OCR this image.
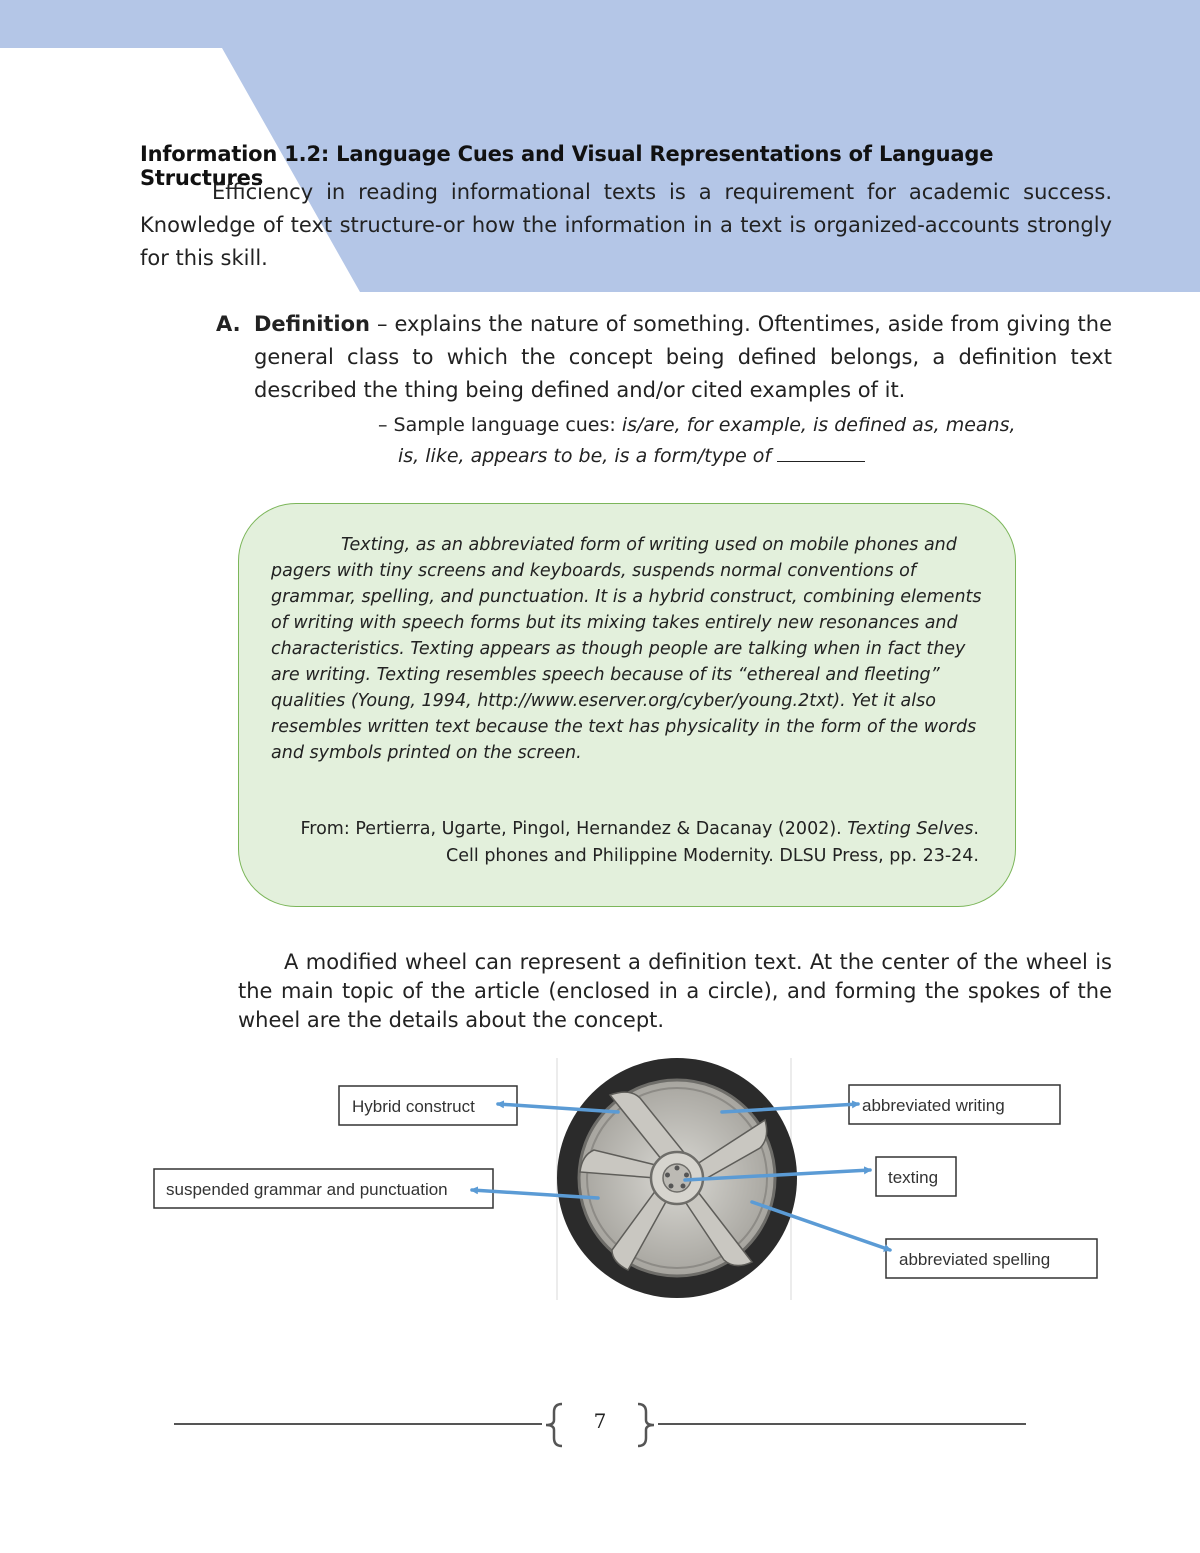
Information 1.2: Language Cues and Visual Representations of Language Structures
Efficiency in reading informational texts is a requirement for academic success. Knowledge of text structure-or how the information in a text is organized-accounts strongly for this skill.
A. Definition – explains the nature of something. Oftentimes, aside from giving the general class to which the concept being defined belongs, a definition text described the thing being defined and/or cited examples of it.
– Sample language cues: is/are, for example, is defined as, means,
is, like, appears to be, is a form/type of
Texting, as an abbreviated form of writing used on mobile phones and pagers with tiny screens and keyboards, suspends normal conventions of grammar, spelling, and punctuation. It is a hybrid construct, combining elements of writing with speech forms but its mixing takes entirely new resonances and characteristics. Texting appears as though people are talking when in fact they are writing. Texting resembles speech because of its “ethereal and fleeting” qualities (Young, 1994, http://www.eserver.org/cyber/young.2txt). Yet it also resembles written text because the text has physicality in the form of the words and symbols printed on the screen.
From: Pertierra, Ugarte, Pingol, Hernandez & Dacanay (2002). Texting Selves. Cell phones and Philippine Modernity. DLSU Press, pp. 23-24.
A modified wheel can represent a definition text. At the center of the wheel is the main topic of the article (enclosed in a circle), and forming the spokes of the wheel are the details about the concept.
Hybrid construct
suspended grammar and punctuation
abbreviated writing
texting
abbreviated spelling
7
